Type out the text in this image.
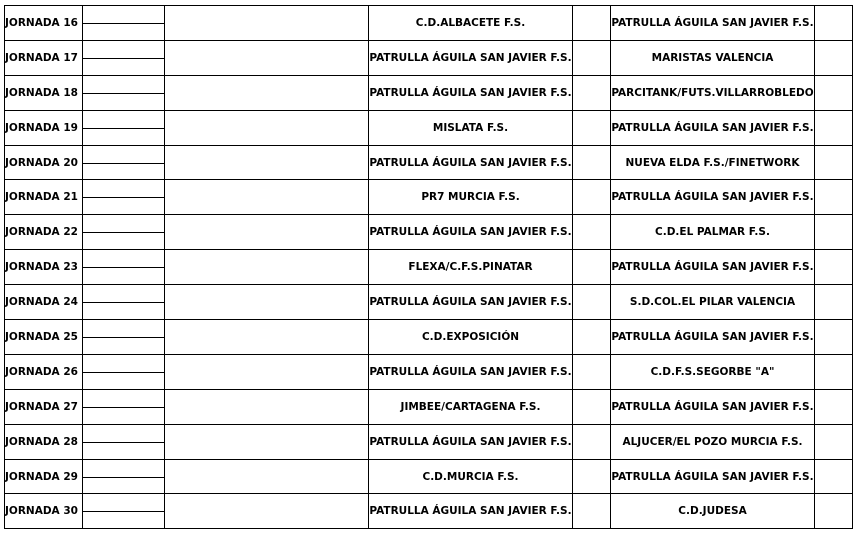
JORNADA 16			C.D.ALBACETE F.S.		PATRULLA ÁGUILA SAN JAVIER F.S.	
JORNADA 17			PATRULLA ÁGUILA SAN JAVIER F.S.		MARISTAS VALENCIA	
JORNADA 18			PATRULLA ÁGUILA SAN JAVIER F.S.		PARCITANK/FUTS.VILLARROBLEDO	
JORNADA 19			MISLATA F.S.		PATRULLA ÁGUILA SAN JAVIER F.S.	
JORNADA 20			PATRULLA ÁGUILA SAN JAVIER F.S.		NUEVA ELDA F.S./FINETWORK	
JORNADA 21			PR7 MURCIA F.S.		PATRULLA ÁGUILA SAN JAVIER F.S.	
JORNADA 22			PATRULLA ÁGUILA SAN JAVIER F.S.		C.D.EL PALMAR F.S.	
JORNADA 23			FLEXA/C.F.S.PINATAR		PATRULLA ÁGUILA SAN JAVIER F.S.	
JORNADA 24			PATRULLA ÁGUILA SAN JAVIER F.S.		S.D.COL.EL PILAR VALENCIA	
JORNADA 25			C.D.EXPOSICIÓN		PATRULLA ÁGUILA SAN JAVIER F.S.	
JORNADA 26			PATRULLA ÁGUILA SAN JAVIER F.S.		C.D.F.S.SEGORBE "A"	
JORNADA 27			JIMBEE/CARTAGENA F.S.		PATRULLA ÁGUILA SAN JAVIER F.S.	
JORNADA 28			PATRULLA ÁGUILA SAN JAVIER F.S.		ALJUCER/EL POZO MURCIA F.S.	
JORNADA 29			C.D.MURCIA F.S.		PATRULLA ÁGUILA SAN JAVIER F.S.	
JORNADA 30			PATRULLA ÁGUILA SAN JAVIER F.S.		C.D.JUDESA	
